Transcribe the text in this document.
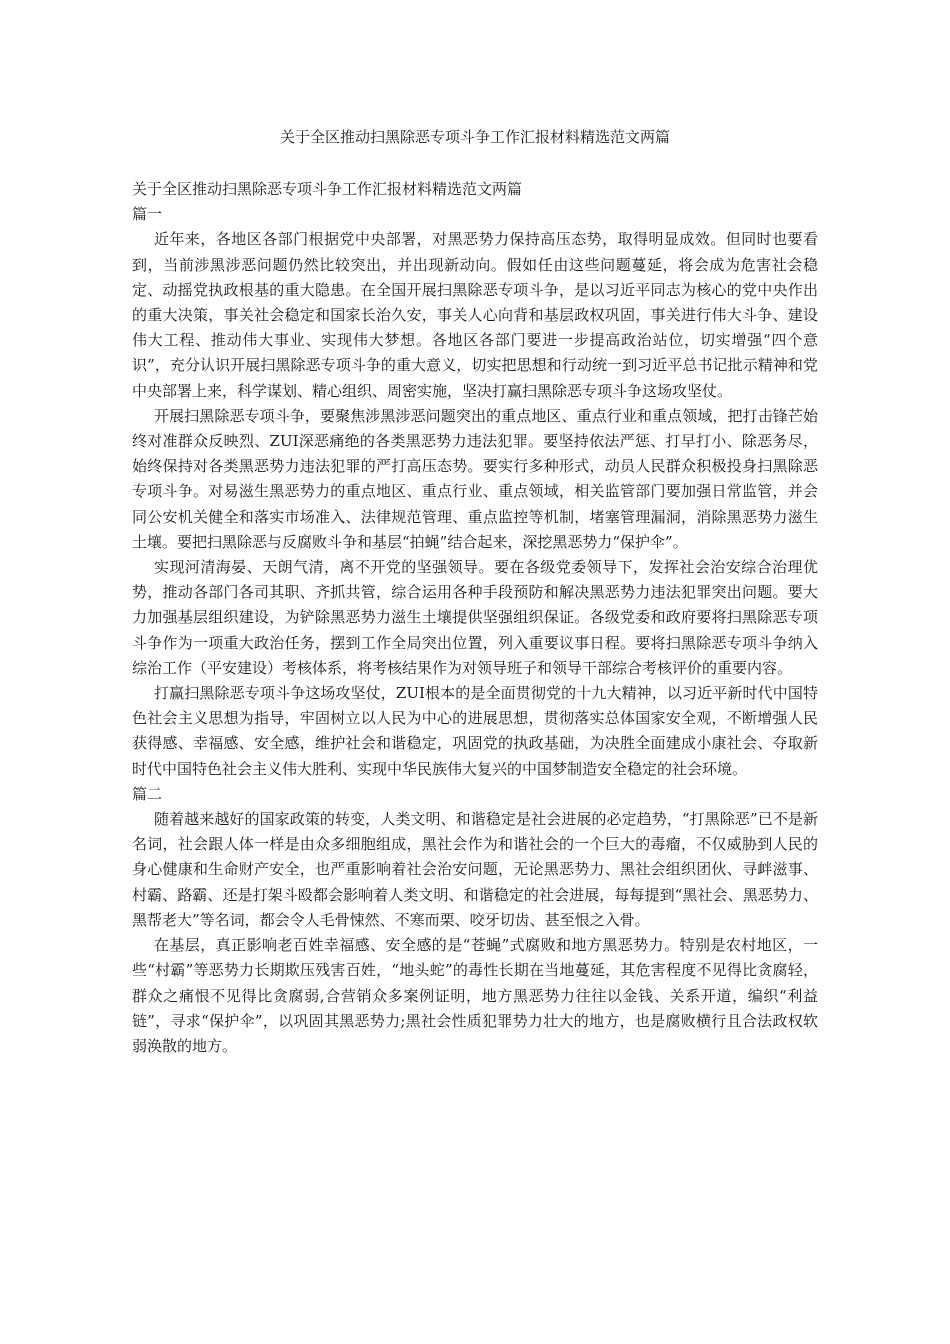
关于全区推动扫黑除恶专项斗争工作汇报材料精选范文两篇

关于全区推动扫黑除恶专项斗争工作汇报材料精选范文两篇

篇一

近年来，各地区各部门根据党中央部署，对黑恶势力保持高压态势，取得明显成效。但同时也要看到，当前涉黑涉恶问题仍然比较突出，并出现新动向。假如任由这些问题蔓延，将会成为危害社会稳定、动摇党执政根基的重大隐患。在全国开展扫黑除恶专项斗争，是以习近平同志为核心的党中央作出的重大决策，事关社会稳定和国家长治久安，事关人心向背和基层政权巩固，事关进行伟大斗争、建设伟大工程、推动伟大事业、实现伟大梦想。各地区各部门要进一步提高政治站位，切实增强“四个意识”，充分认识开展扫黑除恶专项斗争的重大意义，切实把思想和行动统一到习近平总书记批示精神和党中央部署上来，科学谋划、精心组织、周密实施，坚决打赢扫黑除恶专项斗争这场攻坚仗。

开展扫黑除恶专项斗争，要聚焦涉黑涉恶问题突出的重点地区、重点行业和重点领域，把打击锋芒始终对准群众反映烈、ZUI深恶痛绝的各类黑恶势力违法犯罪。要坚持依法严惩、打早打小、除恶务尽，始终保持对各类黑恶势力违法犯罪的严打高压态势。要实行多种形式，动员人民群众积极投身扫黑除恶专项斗争。对易滋生黑恶势力的重点地区、重点行业、重点领域，相关监管部门要加强日常监管，并会同公安机关健全和落实市场准入、法律规范管理、重点监控等机制，堵塞管理漏洞，消除黑恶势力滋生土壤。要把扫黑除恶与反腐败斗争和基层“拍蝇”结合起来，深挖黑恶势力“保护伞”。

实现河清海晏、天朗气清，离不开党的坚强领导。要在各级党委领导下，发挥社会治安综合治理优势，推动各部门各司其职、齐抓共管，综合运用各种手段预防和解决黑恶势力违法犯罪突出问题。要大力加强基层组织建设，为铲除黑恶势力滋生土壤提供坚强组织保证。各级党委和政府要将扫黑除恶专项斗争作为一项重大政治任务，摆到工作全局突出位置，列入重要议事日程。要将扫黑除恶专项斗争纳入综治工作（平安建设）考核体系，将考核结果作为对领导班子和领导干部综合考核评价的重要内容。

打赢扫黑除恶专项斗争这场攻坚仗，ZUI根本的是全面贯彻党的十九大精神，以习近平新时代中国特色社会主义思想为指导，牢固树立以人民为中心的进展思想，贯彻落实总体国家安全观，不断增强人民获得感、幸福感、安全感，维护社会和谐稳定，巩固党的执政基础，为决胜全面建成小康社会、夺取新时代中国特色社会主义伟大胜利、实现中华民族伟大复兴的中国梦制造安全稳定的社会环境。

篇二

随着越来越好的国家政策的转变，人类文明、和谐稳定是社会进展的必定趋势，“打黑除恶”已不是新名词，社会跟人体一样是由众多细胞组成，黑社会作为和谐社会的一个巨大的毒瘤，不仅威胁到人民的身心健康和生命财产安全，也严重影响着社会治安问题，无论黑恶势力、黑社会组织团伙、寻衅滋事、村霸、路霸、还是打架斗殴都会影响着人类文明、和谐稳定的社会进展，每每提到“黑社会、黑恶势力、黑帮老大”等名词，都会令人毛骨悚然、不寒而栗、咬牙切齿、甚至恨之入骨。

在基层，真正影响老百姓幸福感、安全感的是“苍蝇”式腐败和地方黑恶势力。特别是农村地区，一些“村霸”等恶势力长期欺压残害百姓，“地头蛇”的毒性长期在当地蔓延，其危害程度不见得比贪腐轻，群众之痛恨不见得比贪腐弱,合营销众多案例证明，地方黑恶势力往往以金钱、关系开道，编织“利益链”，寻求“保护伞”，以巩固其黑恶势力;黑社会性质犯罪势力壮大的地方，也是腐败横行且合法政权软弱涣散的地方。
